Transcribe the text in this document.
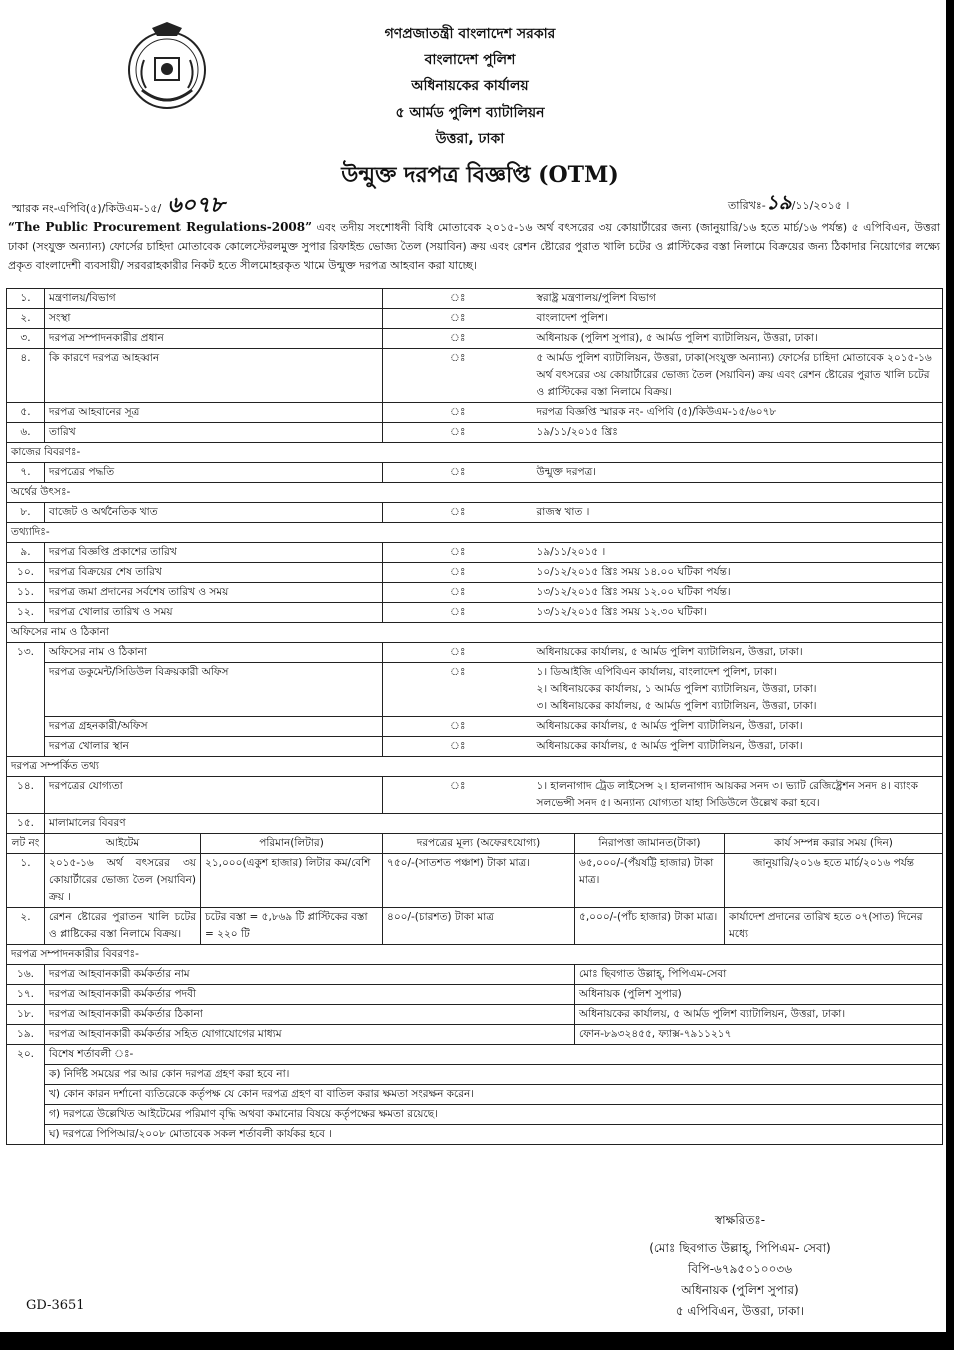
গণপ্রজাতন্ত্রী বাংলাদেশ সরকার
বাংলাদেশ পুলিশ
অধিনায়কের কার্যালয়
৫ আর্মড পুলিশ ব্যাটালিয়ন
উত্তরা, ঢাকা
উন্মুক্ত দরপত্র বিজ্ঞপ্তি (OTM)
স্মারক নং-এপিবি(৫)/কিউএম-১৫/ ৬০৭৮	তারিখঃ-১৯/১১/২০১৫ ।
“The Public Procurement Regulations-2008” এবং তদীয় সংশোধনী বিধি মোতাবেক ২০১৫-১৬ অর্থ বৎসরের ৩য় কোয়ার্টারের জন্য (জানুয়ারি/১৬ হতে মার্চ/১৬ পর্যন্ত) ৫ এপিবিএন, উত্তরা ঢাকা (সংযুক্ত অন্যান্য) ফোর্সের চাহিদা মোতাবেক কোলেস্টেরলমুক্ত সুপার রিফাইন্ড ভোজ্য তৈল (সয়াবিন) ক্রয় এবং রেশন ষ্টোরের পুরাত খালি চটের ও প্লাস্টিকের বস্তা নিলামে বিক্রয়ের জন্য ঠিকাদার নিয়োগের লক্ষ্যে প্রকৃত বাংলাদেশী ব্যবসায়ী/ সরবরাহকারীর নিকট হতে সীলমোহরকৃত খামে উন্মুক্ত দরপত্র আহবান করা যাচ্ছে।
১.	মন্ত্রণালয়/বিভাগ		ঃ	স্বরাষ্ট্র মন্ত্রণালয়/পুলিশ বিভাগ		
২.	সংস্থা		ঃ	বাংলাদেশ পুলিশ।		
৩.	দরপত্র সম্পাদনকারীর প্রধান		ঃ	অধিনায়ক (পুলিশ সুপার), ৫ আর্মড পুলিশ ব্যাটালিয়ন, উত্তরা, ঢাকা।		
৪.	কি কারণে দরপত্র আহব্বান		ঃ	৫ আর্মড পুলিশ ব্যাটালিয়ন, উত্তরা, ঢাকা(সংযুক্ত অন্যান্য) ফোর্সের চাহিদা মোতাবেক ২০১৫-১৬ অর্থ বৎসরের ৩য় কোয়ার্টারের ভোজ্য তৈল (সয়াবিন) ক্রয় এবং রেশন ষ্টোরের পুরাত খালি চটের ও প্লাস্টিকের বস্তা নিলামে বিক্রয়।		
৫.	দরপত্র আহবানের সূত্র		ঃ	দরপত্র বিজ্ঞপ্তি স্মারক নং- এপিবি (৫)/কিউএম-১৫/৬০৭৮		
৬.	তারিখ		ঃ	১৯/১১/২০১৫ খ্রিঃ		
কাজের বিবরণঃ-						
৭.	দরপত্রের পদ্ধতি		ঃ	উন্মুক্ত দরপত্র।		
অর্থের উৎসঃ-						
৮.	বাজেট ও অর্থনৈতিক খাত		ঃ	রাজস্ব খাত ।		
তথ্যাদিঃ-						
৯.	দরপত্র বিজ্ঞপ্তি প্রকাশের তারিখ		ঃ	১৯/১১/২০১৫ ।		
১০.	দরপত্র বিক্রয়ের শেষ তারিখ		ঃ	১০/১২/২০১৫ খ্রিঃ সময় ১৪.০০ ঘটিকা পর্যন্ত।		
১১.	দরপত্র জমা প্রদানের সর্বশেষ তারিখ ও সময়		ঃ	১৩/১২/২০১৫ খ্রিঃ সময় ১২.০০ ঘটিকা পর্যন্ত।		
১২.	দরপত্র খোলার তারিখ ও সময়		ঃ	১৩/১২/২০১৫ খ্রিঃ সময় ১২.৩০ ঘটিকা।		
অফিসের নাম ও ঠিকানা						
১৩.	অফিসের নাম ও ঠিকানা		ঃ	অধিনায়কের কার্যালয়, ৫ আর্মড পুলিশ ব্যাটালিয়ন, উত্তরা, ঢাকা।		
	দরপত্র ডকুমেন্ট/সিডিউল বিক্রয়কারী অফিস		ঃ	১। ডিআইজি এপিবিএন কার্যালয়, বাংলাদেশ পুলিশ, ঢাকা।
২। অধিনায়কের কার্যালয়, ১ আর্মড পুলিশ ব্যাটালিয়ন, উত্তরা, ঢাকা।
৩। অধিনায়কের কার্যালয়, ৫ আর্মড পুলিশ ব্যাটালিয়ন, উত্তরা, ঢাকা।		

	দরপত্র গ্রহনকারী/অফিস		ঃ	অধিনায়কের কার্যালয়, ৫ আর্মড পুলিশ ব্যাটালিয়ন, উত্তরা, ঢাকা।		
	দরপত্র খোলার স্থান		ঃ	অধিনায়কের কার্যালয়, ৫ আর্মড পুলিশ ব্যাটালিয়ন, উত্তরা, ঢাকা।		
দরপত্র সম্পর্কিত তথ্য						
১৪.	দরপত্রের যোগ্যতা		ঃ	১। হালনাগাদ ট্রেড লাইসেন্স ২। হালনাগাদ আয়কর সনদ ৩। ভ্যাট রেজিষ্ট্রেশন সনদ ৪। ব্যাংক সলভেন্সী সনদ ৫। অন্যান্য যোগ্যতা যাহা সিডিউলে উল্লেখ করা হবে।		
১৫.	মালামালের বিবরণ					
লট নং	আইটেম	পরিমান(লিটার)	দরপত্রের মূল্য (অফেরৎযোগ্য)		নিরাপত্তা জামানত(টাকা)	কার্য সম্পন্ন করার সময় (দিন)
১.	২০১৫-১৬ অর্থ বৎসরের ৩য় কোয়ার্টারের ভোজ্য তৈল (সয়াবিন) ক্রয় ।	২১,০০০(একুশ হাজার) লিটার কম/বেশি	৭৫০/-(সাতশত পঞ্চাশ) টাকা মাত্র।		৬৫,০০০/-(পঁয়ষট্টি হাজার) টাকা মাত্র।	জানুয়ারি/২০১৬ হতে মার্চ/২০১৬ পর্যন্ত
২.	রেশন ষ্টোরের পুরাতন খালি চটের ও প্লাষ্টিকের বস্তা নিলামে বিক্রয়।	চটের বস্তা = ৫,৮৬৯ টি প্লাস্টিকের বস্তা = ২২০ টি	৪০০/-(চারশত) টাকা মাত্র		৫,০০০/-(পাঁচ হাজার) টাকা মাত্র।	কার্যাদেশ প্রদানের তারিখ হতে ০৭(সাত) দিনের মধ্যে
দরপত্র সম্পাদনকারীর বিবরণঃ-						
১৬.	দরপত্র আহবানকারী কর্মকর্তার নাম				মোঃ ছিবগাত উল্লাহ্, পিপিএম-সেবা	
১৭.	দরপত্র আহবানকারী কর্মকর্তার পদবী				অধিনায়ক (পুলিশ সুপার)	
১৮.	দরপত্র আহবানকারী কর্মকর্তার ঠিকানা				অধিনায়কের কার্যালয়, ৫ আর্মড পুলিশ ব্যাটালিয়ন, উত্তরা, ঢাকা।	
১৯.	দরপত্র আহবানকারী কর্মকর্তার সহিত যোগাযোগের মাধ্যম				ফোন-৮৯৩২৪৫৫, ফ্যাক্স-৭৯১১২১৭	
২০.	বিশেষ শর্তাবলী ঃ-					
	ক) নির্দিষ্ট সময়ের পর আর কোন দরপত্র গ্রহণ করা হবে না।					
	খ) কোন কারন দর্শানো ব্যতিরেকে কর্তৃপক্ষ যে কোন দরপত্র গ্রহণ বা বাতিল করার ক্ষমতা সংরক্ষন করেন।					
	গ) দরপত্রে উল্লেখিত আইটেমের পরিমাণ বৃদ্ধি অথবা কমানোর বিষয়ে কর্তৃপক্ষের ক্ষমতা রয়েছে।					
	ঘ) দরপত্রে পিপিআর/২০০৮ মোতাবেক সকল শর্তাবলী কার্যকর হবে ।					
স্বাক্ষরিতঃ-
(মোঃ ছিবগাত উল্লাহ্, পিপিএম- সেবা)
বিপি-৬৭৯৫০১০০৩৬
অধিনায়ক (পুলিশ সুপার)
৫ এপিবিএন, উত্তরা, ঢাকা।
GD-3651
